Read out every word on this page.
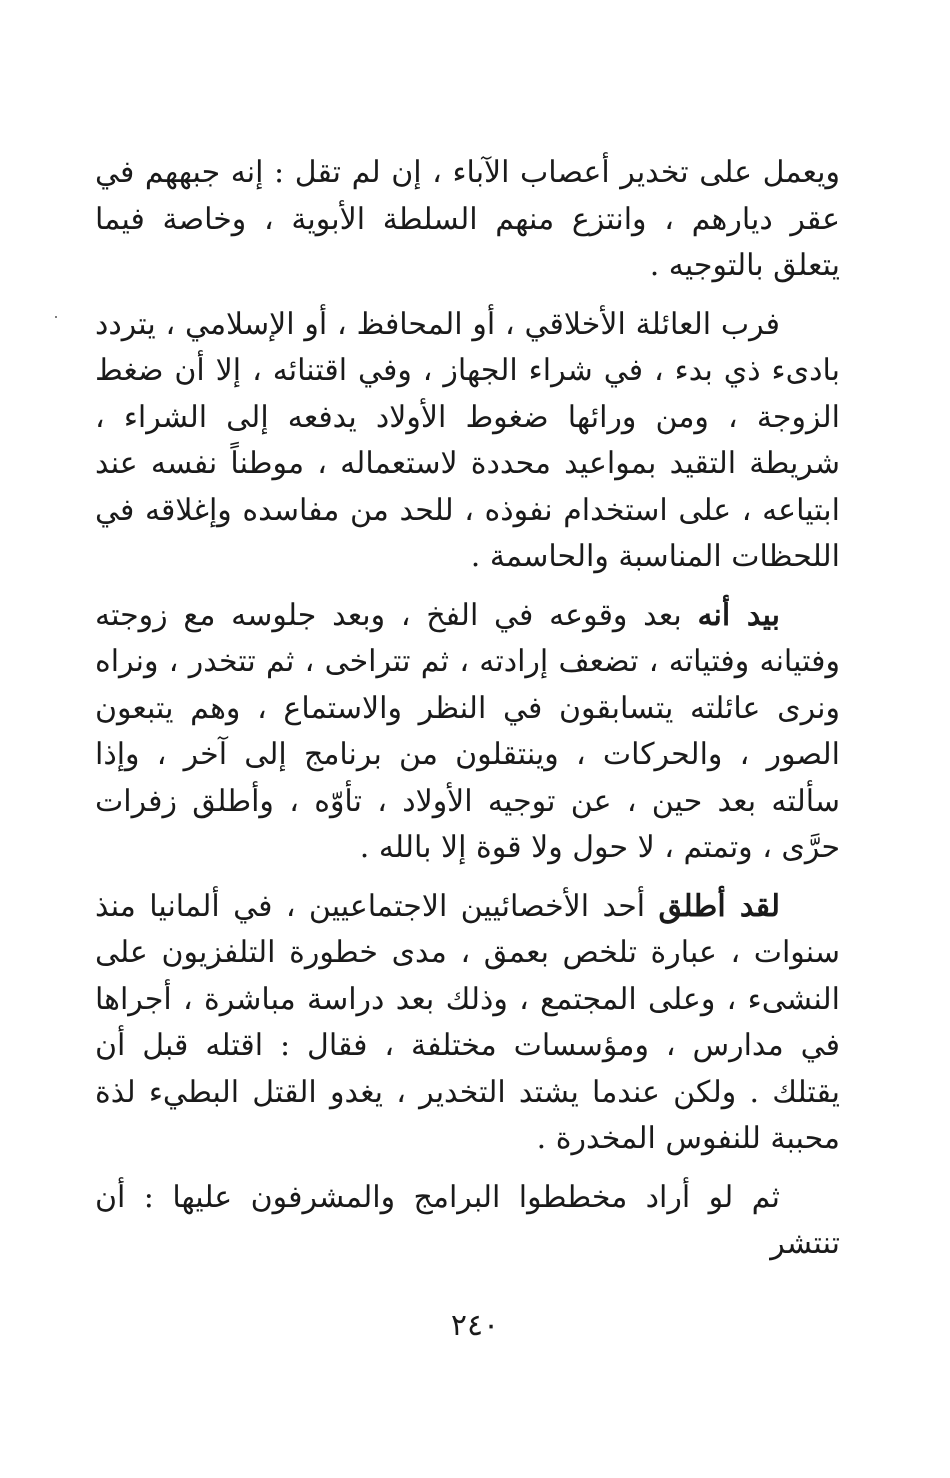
ويعمل على تخدير أعصاب الآباء ، إن لم تقل : إنه جبههم في عقر ديارهم ، وانتزع منهم السلطة الأبوية ، وخاصة فيما يتعلق بالتوجيه .

فرب العائلة الأخلاقي ، أو المحافظ ، أو الإسلامي ، يتردد بادىء ذي بدء ، في شراء الجهاز ، وفي اقتنائه ، إلا أن ضغط الزوجة ، ومن ورائها ضغوط الأولاد يدفعه إلى الشراء ، شريطة التقيد بمواعيد محددة لاستعماله ، موطناً نفسه عند ابتياعه ، على استخدام نفوذه ، للحد من مفاسده وإغلاقه في اللحظات المناسبة والحاسمة .

بيد أنه بعد وقوعه في الفخ ، وبعد جلوسه مع زوجته وفتيانه وفتياته ، تضعف إرادته ، ثم تتراخى ، ثم تتخدر ، ونراه ونرى عائلته يتسابقون في النظر والاستماع ، وهم يتبعون الصور ، والحركات ، وينتقلون من برنامج إلى آخر ، وإذا سألته بعد حين ، عن توجيه الأولاد ، تأوّه ، وأطلق زفرات حرَّى ، وتمتم ، لا حول ولا قوة إلا بالله .

لقد أطلق أحد الأخصائيين الاجتماعيين ، في ألمانيا منذ سنوات ، عبارة تلخص بعمق ، مدى خطورة التلفزيون على النشىء ، وعلى المجتمع ، وذلك بعد دراسة مباشرة ، أجراها في مدارس ، ومؤسسات مختلفة ، فقال : اقتله قبل أن يقتلك . ولكن عندما يشتد التخدير ، يغدو القتل البطيء لذة محببة للنفوس المخدرة .

ثم لو أراد مخططوا البرامج والمشرفون عليها : أن تنتشر

٢٤٠
